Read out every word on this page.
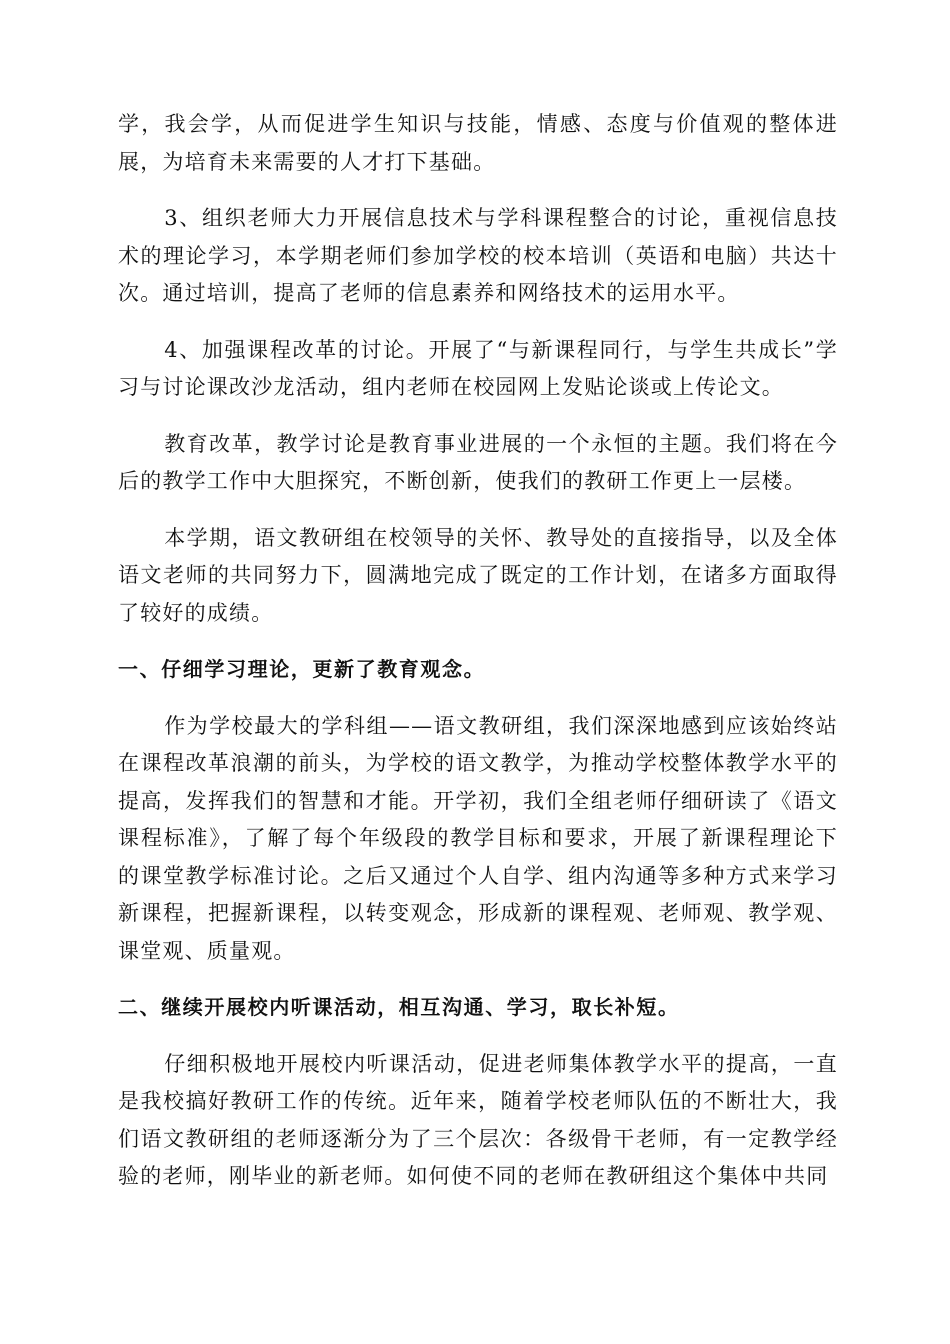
学，我会学，从而促进学生知识与技能，情感、态度与价值观的整体进展，为培育未来需要的人才打下基础。

3、组织老师大力开展信息技术与学科课程整合的讨论，重视信息技术的理论学习，本学期老师们参加学校的校本培训（英语和电脑）共达十次。通过培训，提高了老师的信息素养和网络技术的运用水平。

4、加强课程改革的讨论。开展了“与新课程同行，与学生共成长”学习与讨论课改沙龙活动，组内老师在校园网上发贴论谈或上传论文。

教育改革，教学讨论是教育事业进展的一个永恒的主题。我们将在今后的教学工作中大胆探究，不断创新，使我们的教研工作更上一层楼。

本学期，语文教研组在校领导的关怀、教导处的直接指导，以及全体语文老师的共同努力下，圆满地完成了既定的工作计划，在诸多方面取得了较好的成绩。

一、仔细学习理论，更新了教育观念。

作为学校最大的学科组——语文教研组，我们深深地感到应该始终站在课程改革浪潮的前头，为学校的语文教学，为推动学校整体教学水平的提高，发挥我们的智慧和才能。开学初，我们全组老师仔细研读了《语文课程标准》，了解了每个年级段的教学目标和要求，开展了新课程理论下的课堂教学标准讨论。之后又通过个人自学、组内沟通等多种方式来学习新课程，把握新课程，以转变观念，形成新的课程观、老师观、教学观、课堂观、质量观。

二、继续开展校内听课活动，相互沟通、学习，取长补短。

仔细积极地开展校内听课活动，促进老师集体教学水平的提高，一直是我校搞好教研工作的传统。近年来，随着学校老师队伍的不断壮大，我们语文教研组的老师逐渐分为了三个层次：各级骨干老师，有一定教学经验的老师，刚毕业的新老师。如何使不同的老师在教研组这个集体中共同
